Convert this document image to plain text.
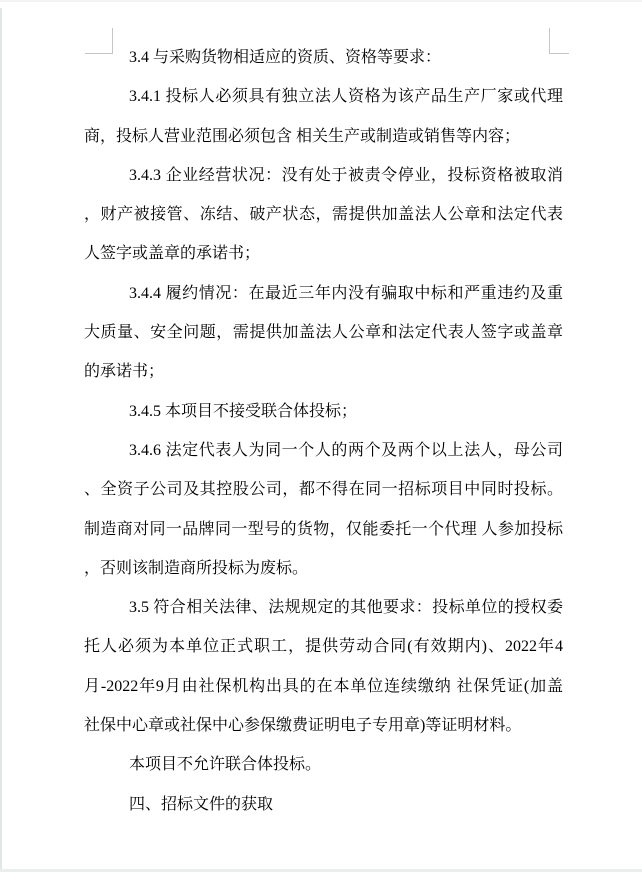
3.4 与采购货物相适应的资质、资格等要求：
3.4.1 投标人必须具有独立法人资格为该产品生产厂家或代理
商，投标人营业范围必须包含 相关生产或制造或销售等内容；
3.4.3 企业经营状况：没有处于被责令停业，投标资格被取消
，财产被接管、冻结、破产状态，需提供加盖法人公章和法定代表
人签字或盖章的承诺书；
3.4.4 履约情况：在最近三年内没有骗取中标和严重违约及重
大质量、安全问题，需提供加盖法人公章和法定代表人签字或盖章
的承诺书；
3.4.5 本项目不接受联合体投标；
3.4.6 法定代表人为同一个人的两个及两个以上法人，母公司
、全资子公司及其控股公司，都不得在同一招标项目中同时投标。
制造商对同一品牌同一型号的货物，仅能委托一个代理 人参加投标
，否则该制造商所投标为废标。
3.5 符合相关法律、法规规定的其他要求：投标单位的授权委
托人必须为本单位正式职工，提供劳动合同(有效期内)、2022年4
月-2022年9月由社保机构出具的在本单位连续缴纳 社保凭证(加盖
社保中心章或社保中心参保缴费证明电子专用章)等证明材料。
本项目不允许联合体投标。
四、招标文件的获取
